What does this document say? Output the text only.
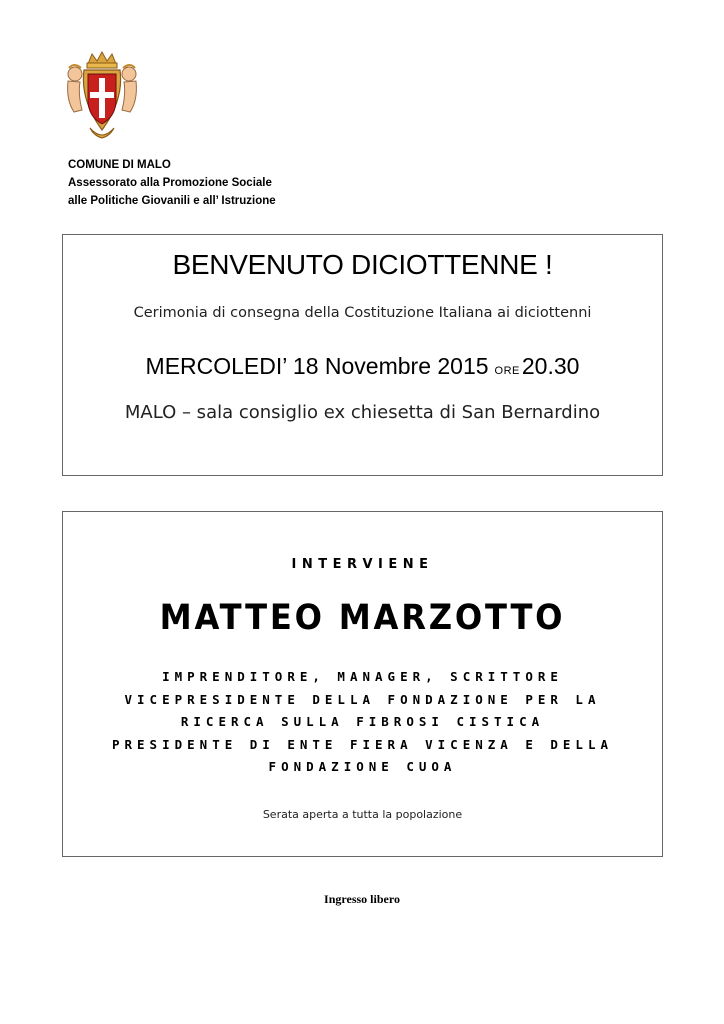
COMUNE DI MALO
Assessorato alla Promozione Sociale
alle Politiche Giovanili e all’ Istruzione
BENVENUTO DICIOTTENNE !
Cerimonia di consegna della Costituzione Italiana ai diciottenni
MERCOLEDI’ 18 Novembre 2015 ORE20.30
MALO – sala consiglio ex chiesetta di San Bernardino
INTERVIENE
MATTEO MARZOTTO
IMPRENDITORE, MANAGER, SCRITTORE
VICEPRESIDENTE DELLA FONDAZIONE PER LA
RICERCA SULLA FIBROSI CISTICA
PRESIDENTE DI ENTE FIERA VICENZA E DELLA
FONDAZIONE CUOA
Serata aperta a tutta la popolazione
Ingresso libero
